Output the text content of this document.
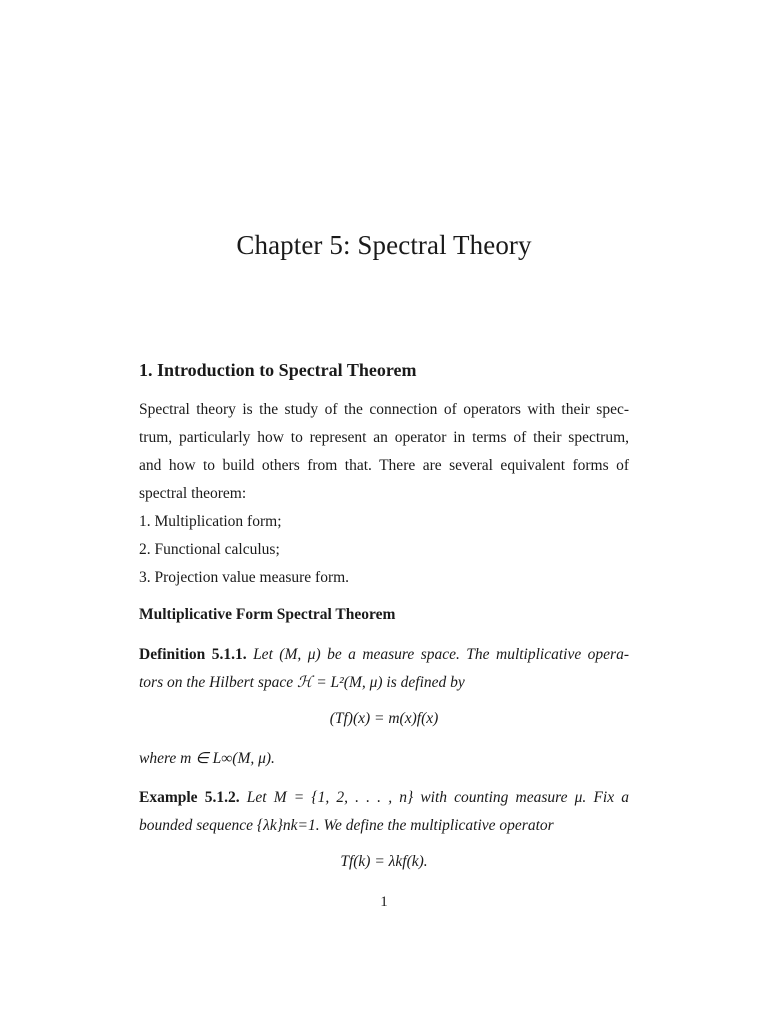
Chapter 5: Spectral Theory
1. Introduction to Spectral Theorem
Spectral theory is the study of the connection of operators with their spec-
trum, particularly how to represent an operator in terms of their spectrum,
and how to build others from that. There are several equivalent forms of
spectral theorem:
1. Multiplication form;
2. Functional calculus;
3. Projection value measure form.
Multiplicative Form Spectral Theorem
Definition 5.1.1. Let (M, μ) be a measure space. The multiplicative opera-
tors on the Hilbert space ℋ = L²(M, μ) is defined by
(Tf)(x) = m(x)f(x)
where m ∈ L∞(M, μ).
Example 5.1.2. Let M = {1, 2, . . . , n} with counting measure μ. Fix a
bounded sequence {λk}nk=1. We define the multiplicative operator
Tf(k) = λkf(k).
1
